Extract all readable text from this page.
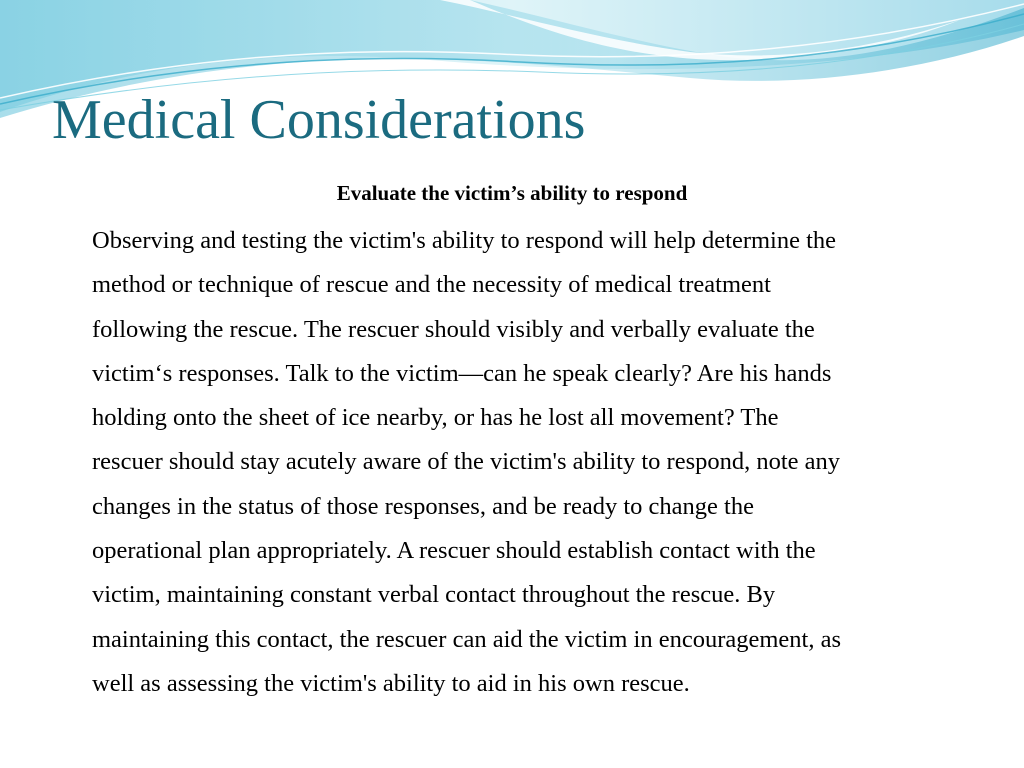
Medical Considerations

Evaluate the victim’s ability to respond

Observing and testing the victim's ability to respond will help determine the
method or technique of rescue and the necessity of medical treatment
following the rescue. The rescuer should visibly and verbally evaluate the
victim‘s responses. Talk to the victim—can he speak clearly? Are his hands
holding onto the sheet of ice nearby, or has he lost all movement? The
rescuer should stay acutely aware of the victim's ability to respond, note any
changes in the status of those responses, and be ready to change the
operational plan appropriately. A rescuer should establish contact with the
victim, maintaining constant verbal contact throughout the rescue. By
maintaining this contact, the rescuer can aid the victim in encouragement, as
well as assessing the victim's ability to aid in his own rescue.
